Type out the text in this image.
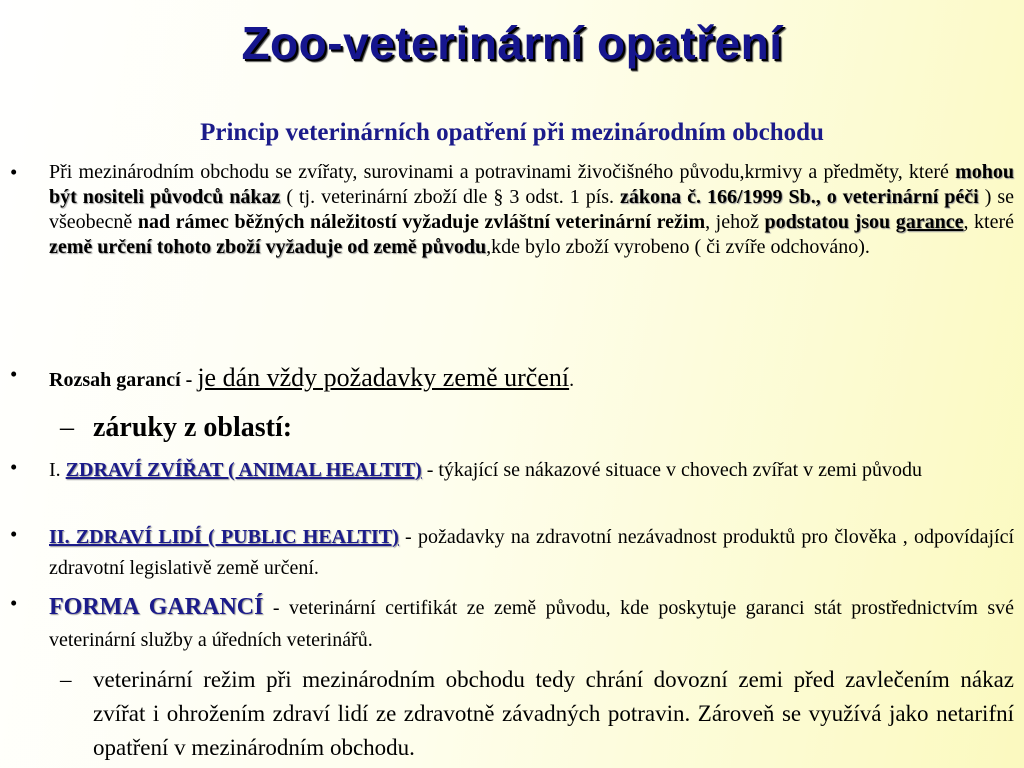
Zoo-veterinární opatření
Princip veterinárních opatření při mezinárodním obchodu
• Při mezinárodním obchodu se zvířaty, surovinami a potravinami živočišného původu,krmivy a předměty, které mohou být nositeli původců nákaz ( tj. veterinární zboží dle § 3 odst. 1 pís. zákona č. 166/1999 Sb., o veterinární péči ) se všeobecně nad rámec běžných náležitostí vyžaduje zvláštní veterinární režim, jehož podstatou jsou garance, které země určení tohoto zboží vyžaduje od země původu,kde bylo zboží vyrobeno ( či zvíře odchováno).
• Rozsah garancí - je dán vždy požadavky země určení.
– záruky z oblastí:
• I. ZDRAVÍ ZVÍŘAT ( ANIMAL HEALTIT) - týkající se nákazové situace v chovech zvířat v zemi původu
• II. ZDRAVÍ LIDÍ ( PUBLIC HEALTIT) - požadavky na zdravotní nezávadnost produktů pro člověka , odpovídající zdravotní legislativě země určení.
• FORMA GARANCÍ - veterinární certifikát ze země původu, kde poskytuje garanci stát prostřednictvím své veterinární služby a úředních veterinářů.
– veterinární režim při mezinárodním obchodu tedy chrání dovozní zemi před zavlečením nákaz zvířat i ohrožením zdraví lidí ze zdravotně závadných potravin. Zároveň se využívá jako netarifní opatření v mezinárodním obchodu.
